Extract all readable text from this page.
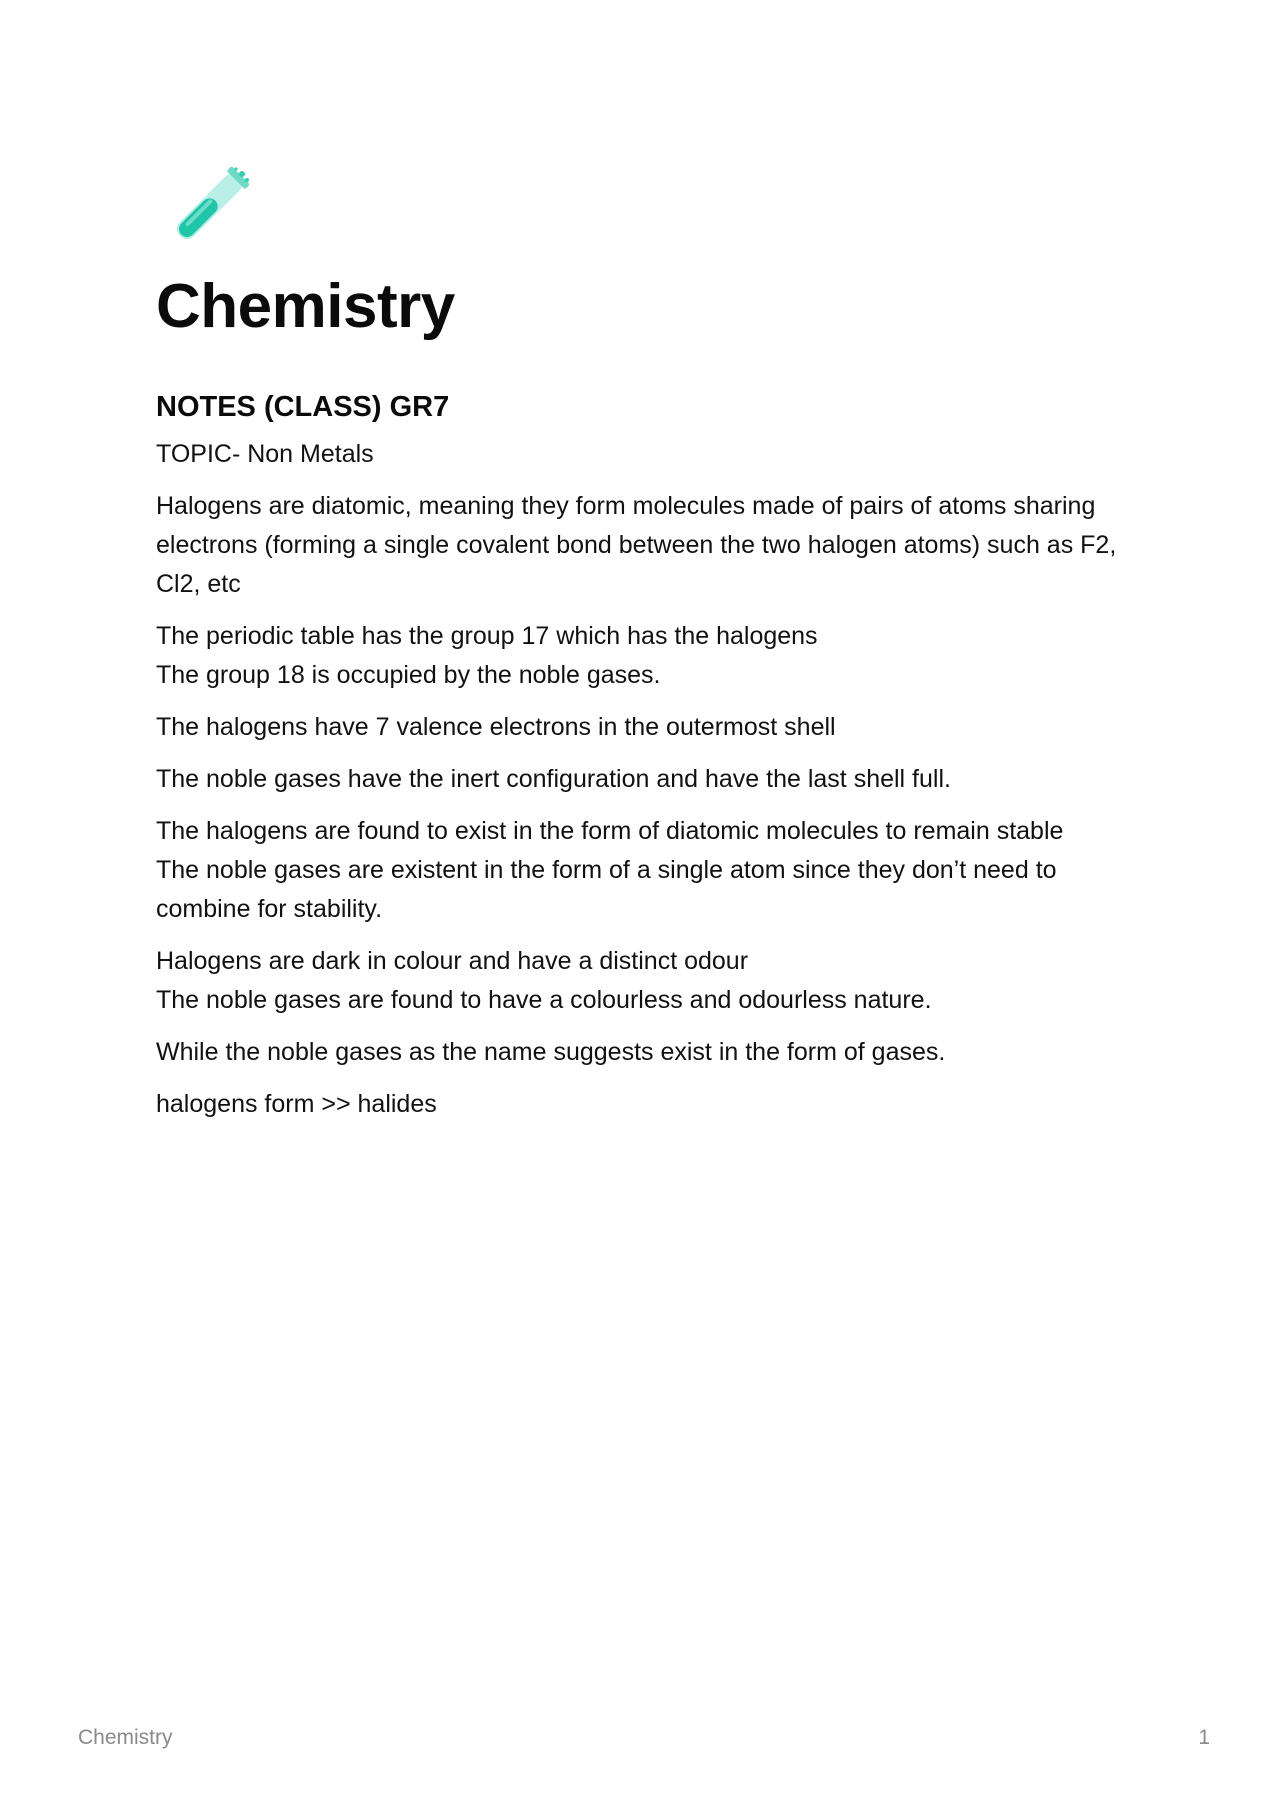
Chemistry
NOTES (CLASS) GR7

TOPIC- Non Metals

Halogens are diatomic, meaning they form molecules made of pairs of atoms sharing electrons (forming a single covalent bond between the two halogen atoms) such as F2, Cl2, etc

The periodic table has the group 17 which has the halogens
The group 18 is occupied by the noble gases.

The halogens have 7 valence electrons in the outermost shell

The noble gases have the inert configuration and have the last shell full.

The halogens are found to exist in the form of diatomic molecules to remain stable
The noble gases are existent in the form of a single atom since they don’t need to combine for stability.

Halogens are dark in colour and have a distinct odour
The noble gases are found to have a colourless and odourless nature.

While the noble gases as the name suggests exist in the form of gases.

halogens form >> halides

Chemistry	1
